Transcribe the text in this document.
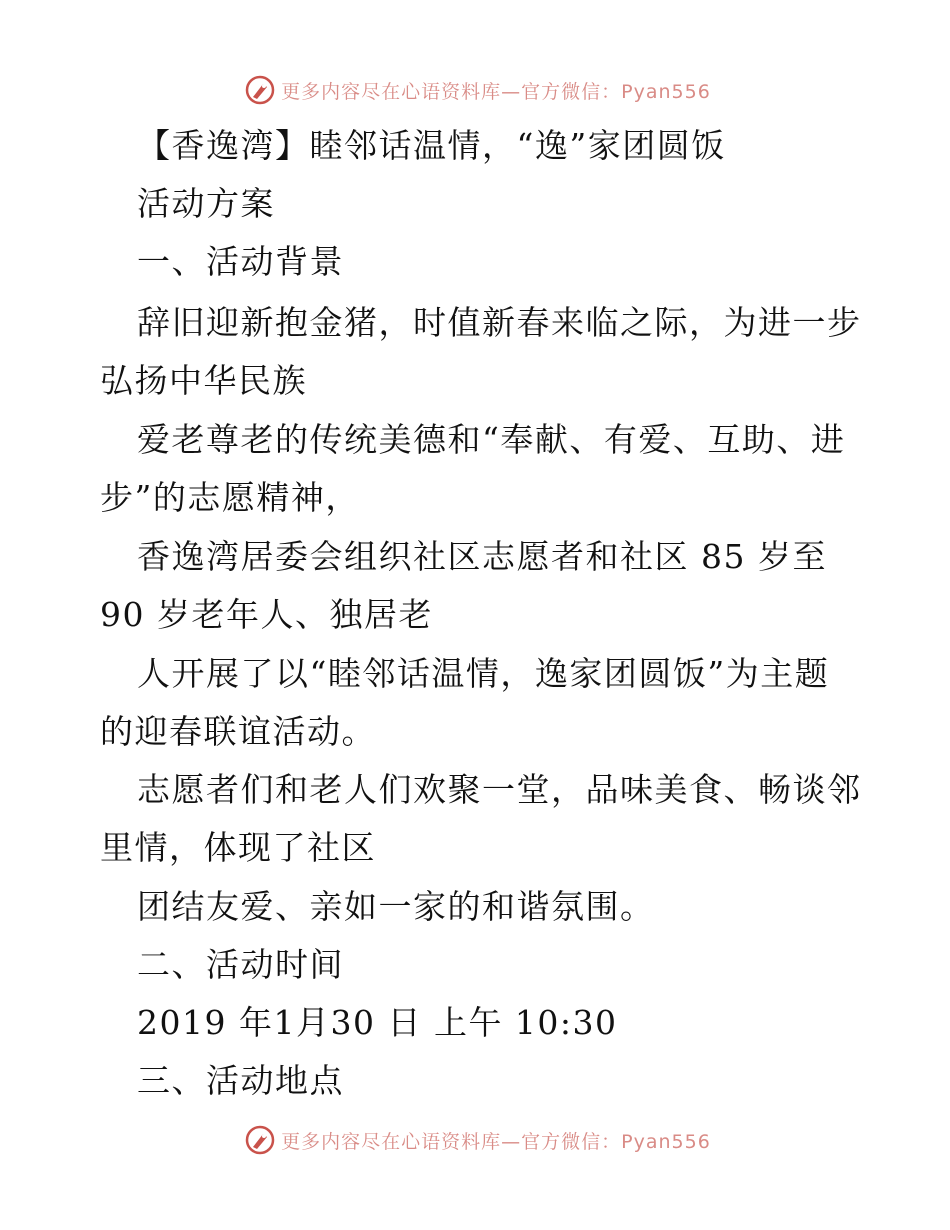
更多内容尽在心语资料库—官方微信：Pyan556
【香逸湾】睦邻话温情，“逸”家团圆饭
活动方案
一、活动背景
辞旧迎新抱金猪，时值新春来临之际，为进一步
弘扬中华民族
爱老尊老的传统美德和“奉献、有爱、互助、进
步”的志愿精神，
香逸湾居委会组织社区志愿者和社区 85 岁至
90 岁老年人、独居老
人开展了以“睦邻话温情，逸家团圆饭”为主题
的迎春联谊活动。
志愿者们和老人们欢聚一堂，品味美食、畅谈邻
里情，体现了社区
团结友爱、亲如一家的和谐氛围。
二、活动时间
2019 年1月30 日 上午 10:30
三、活动地点
更多内容尽在心语资料库—官方微信：Pyan556
